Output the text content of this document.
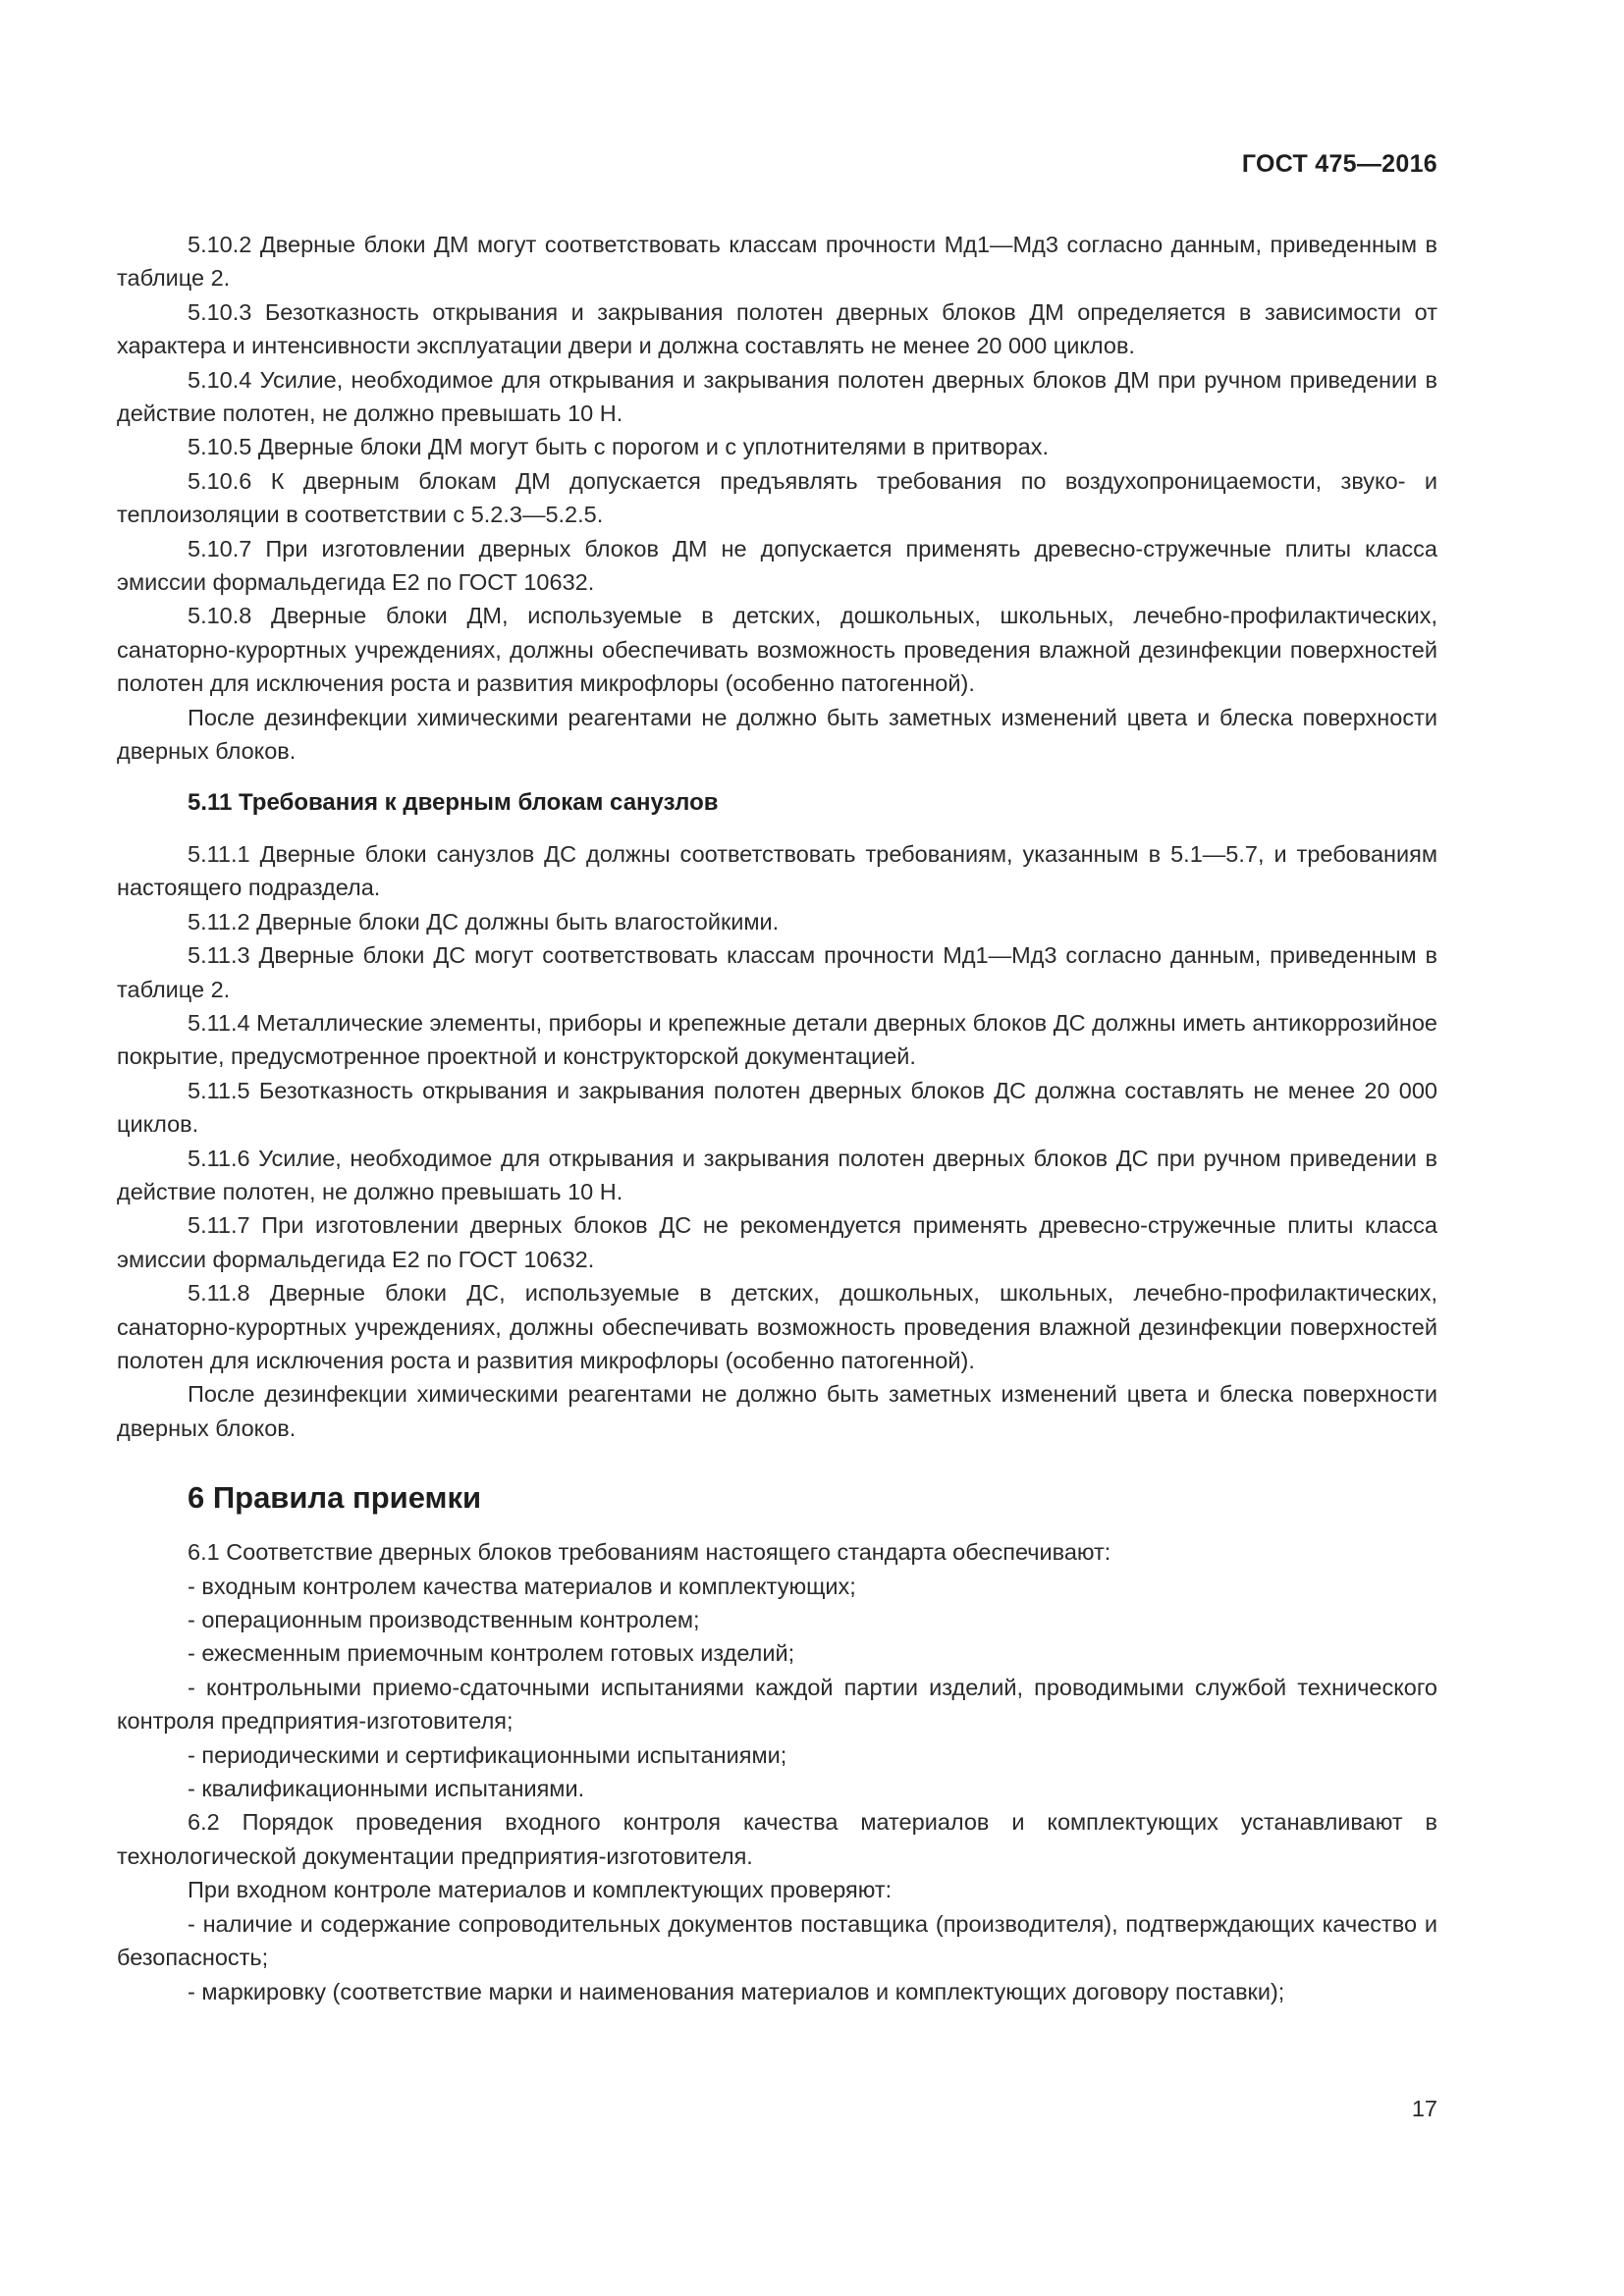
ГОСТ 475—2016

5.10.2 Дверные блоки ДМ могут соответствовать классам прочности Мд1—Мд3 согласно данным, приведенным в таблице 2.

5.10.3 Безотказность открывания и закрывания полотен дверных блоков ДМ определяется в зависимости от характера и интенсивности эксплуатации двери и должна составлять не менее 20 000 циклов.

5.10.4 Усилие, необходимое для открывания и закрывания полотен дверных блоков ДМ при ручном приведении в действие полотен, не должно превышать 10 Н.

5.10.5 Дверные блоки ДМ могут быть с порогом и с уплотнителями в притворах.

5.10.6 К дверным блокам ДМ допускается предъявлять требования по воздухопроницаемости, звуко- и теплоизоляции в соответствии с 5.2.3—5.2.5.

5.10.7 При изготовлении дверных блоков ДМ не допускается применять древесно-стружечные плиты класса эмиссии формальдегида Е2 по ГОСТ 10632.

5.10.8 Дверные блоки ДМ, используемые в детских, дошкольных, школьных, лечебно-профилактических, санаторно-курортных учреждениях, должны обеспечивать возможность проведения влажной дезинфекции поверхностей полотен для исключения роста и развития микрофлоры (особенно патогенной).

После дезинфекции химическими реагентами не должно быть заметных изменений цвета и блеска поверхности дверных блоков.

5.11 Требования к дверным блокам санузлов

5.11.1 Дверные блоки санузлов ДС должны соответствовать требованиям, указанным в 5.1—5.7, и требованиям настоящего подраздела.

5.11.2 Дверные блоки ДС должны быть влагостойкими.

5.11.3 Дверные блоки ДС могут соответствовать классам прочности Мд1—Мд3 согласно данным, приведенным в таблице 2.

5.11.4 Металлические элементы, приборы и крепежные детали дверных блоков ДС должны иметь антикоррозийное покрытие, предусмотренное проектной и конструкторской документацией.

5.11.5 Безотказность открывания и закрывания полотен дверных блоков ДС должна составлять не менее 20 000 циклов.

5.11.6 Усилие, необходимое для открывания и закрывания полотен дверных блоков ДС при ручном приведении в действие полотен, не должно превышать 10 Н.

5.11.7 При изготовлении дверных блоков ДС не рекомендуется применять древесно-стружечные плиты класса эмиссии формальдегида Е2 по ГОСТ 10632.

5.11.8 Дверные блоки ДС, используемые в детских, дошкольных, школьных, лечебно-профилактических, санаторно-курортных учреждениях, должны обеспечивать возможность проведения влажной дезинфекции поверхностей полотен для исключения роста и развития микрофлоры (особенно патогенной).

После дезинфекции химическими реагентами не должно быть заметных изменений цвета и блеска поверхности дверных блоков.

6 Правила приемки

6.1 Соответствие дверных блоков требованиям настоящего стандарта обеспечивают:

- входным контролем качества материалов и комплектующих;

- операционным производственным контролем;

- ежесменным приемочным контролем готовых изделий;

- контрольными приемо-сдаточными испытаниями каждой партии изделий, проводимыми службой технического контроля предприятия-изготовителя;

- периодическими и сертификационными испытаниями;

- квалификационными испытаниями.

6.2 Порядок проведения входного контроля качества материалов и комплектующих устанавливают в технологической документации предприятия-изготовителя.

При входном контроле материалов и комплектующих проверяют:

- наличие и содержание сопроводительных документов поставщика (производителя), подтверждающих качество и безопасность;

- маркировку (соответствие марки и наименования материалов и комплектующих договору поставки);

17
